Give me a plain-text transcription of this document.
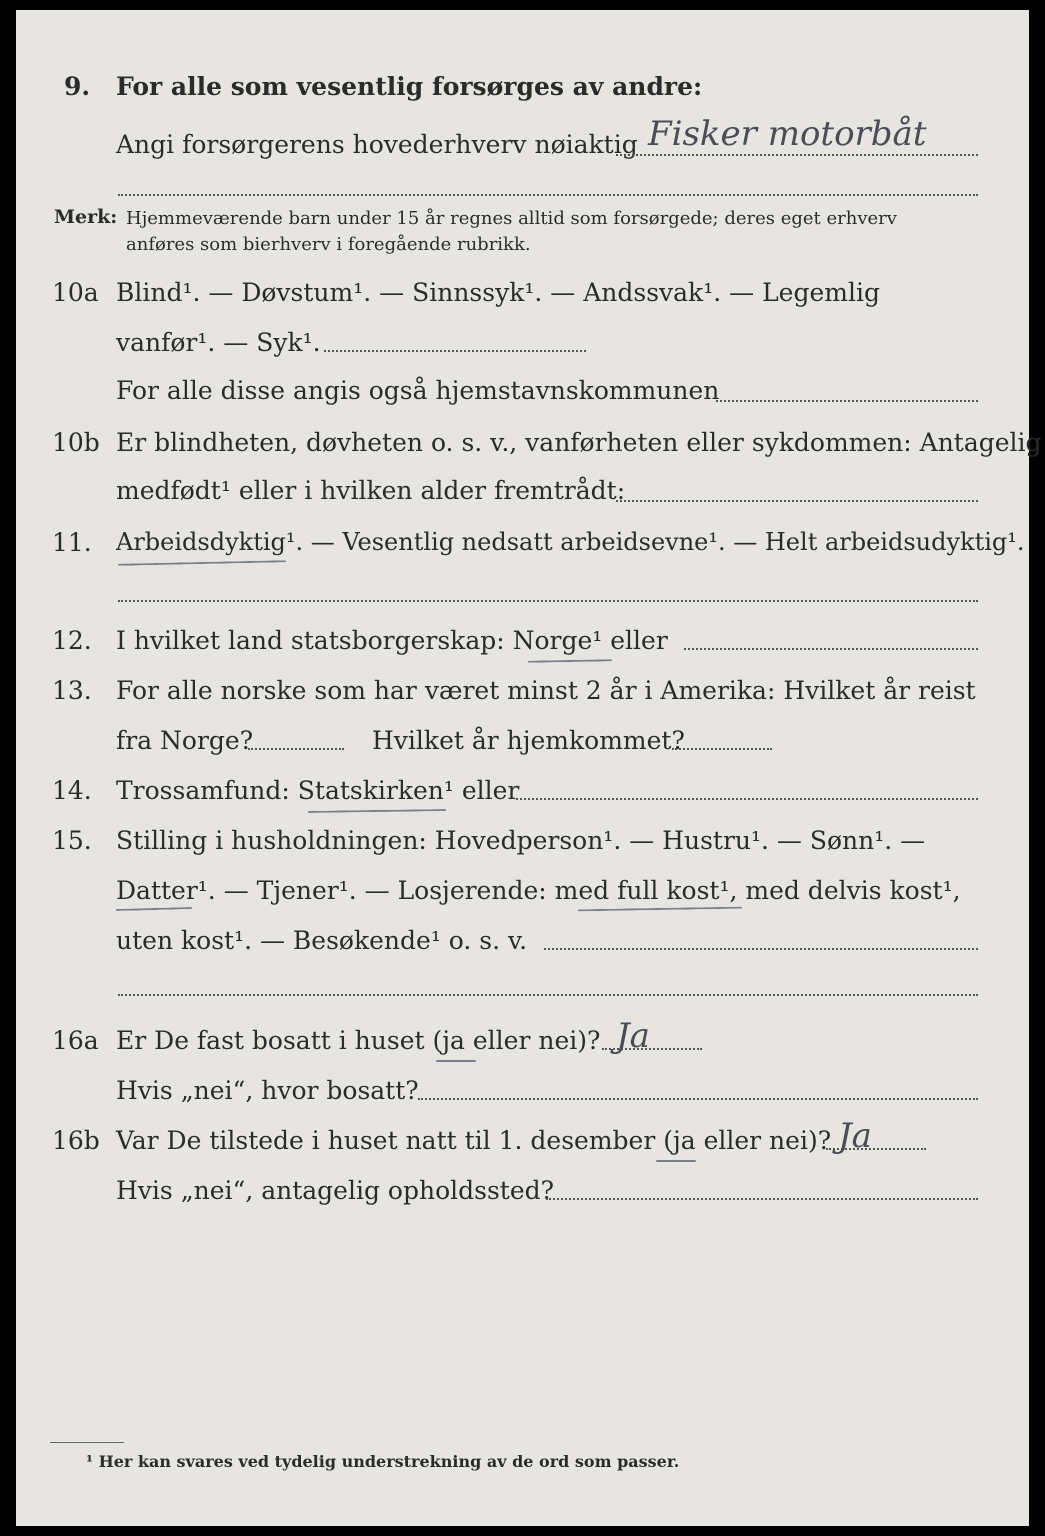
9. For alle som vesentlig forsørges av andre:
Angi forsørgerens hovederhverv nøiaktig Fisker motorbåt
Merk: Hjemmeværende barn under 15 år regnes alltid som forsørgede; deres eget erhverv
anføres som bierhverv i foregående rubrikk.
10a Blind¹. — Døvstum¹. — Sinnssyk¹. — Andssvak¹. — Legemlig
vanfør¹. — Syk¹.
For alle disse angis også hjemstavnskommunen
10b Er blindheten, døvheten o. s. v., vanførheten eller sykdommen: Antagelig
medfødt¹ eller i hvilken alder fremtrådt:
11. Arbeidsdyktig¹. — Vesentlig nedsatt arbeidsevne¹. — Helt arbeidsudyktig¹.
12. I hvilket land statsborgerskap: Norge¹ eller
13. For alle norske som har været minst 2 år i Amerika: Hvilket år reist
fra Norge?	Hvilket år hjemkommet?
14. Trossamfund: Statskirken¹ eller
15. Stilling i husholdningen: Hovedperson¹. — Hustru¹. — Sønn¹. —
Datter¹. — Tjener¹. — Losjerende: med full kost¹, med delvis kost¹,
uten kost¹. — Besøkende¹ o. s. v.
16a Er De fast bosatt i huset (ja eller nei)? Ja
Hvis „nei“, hvor bosatt?
16b Var De tilstede i huset natt til 1. desember (ja eller nei)? Ja
Hvis „nei“, antagelig opholdssted?
¹ Her kan svares ved tydelig understrekning av de ord som passer.
